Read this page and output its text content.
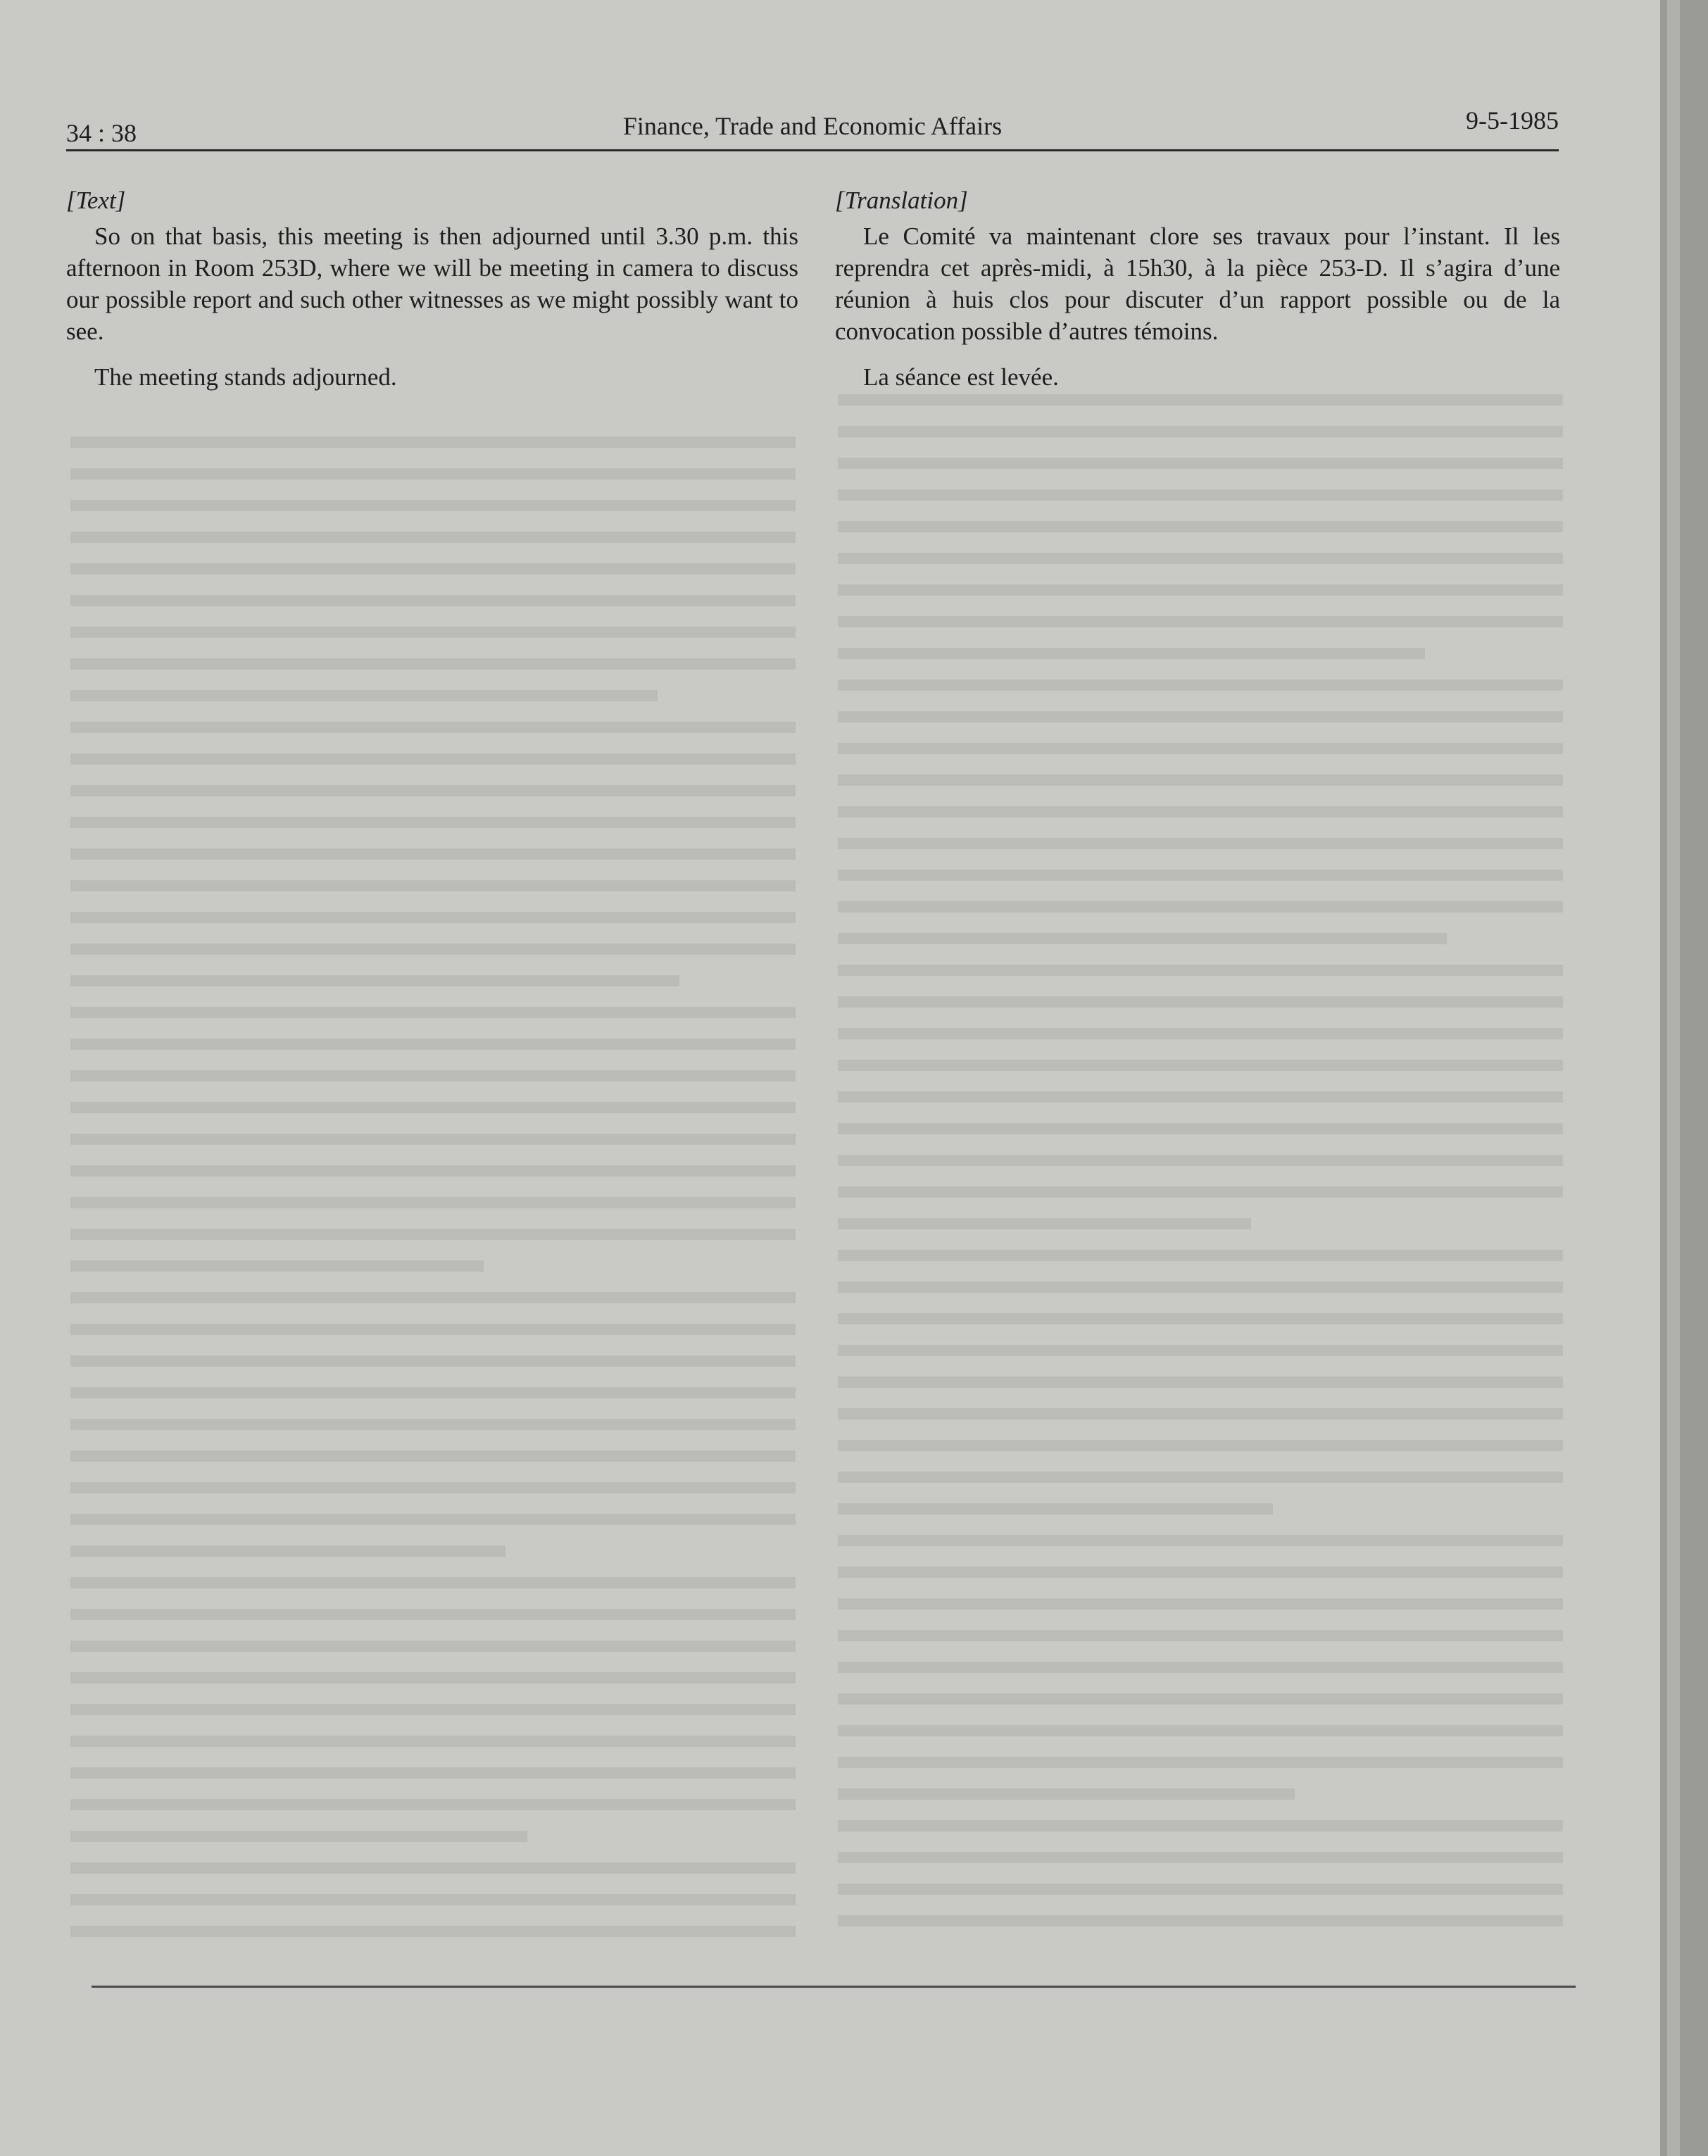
34 : 38	Finance, Trade and Economic Affairs	9-5-1985

[Text]

So on that basis, this meeting is then adjourned until 3.30 p.m. this afternoon in Room 253D, where we will be meeting in camera to discuss our possible report and such other witnesses as we might possibly want to see.

The meeting stands adjourned.

[Translation]

Le Comité va maintenant clore ses travaux pour l’instant. Il les reprendra cet après-midi, à 15h30, à la pièce 253-D. Il s’agira d’une réunion à huis clos pour discuter d’un rapport possible ou de la convocation possible d’autres témoins.

La séance est levée.
